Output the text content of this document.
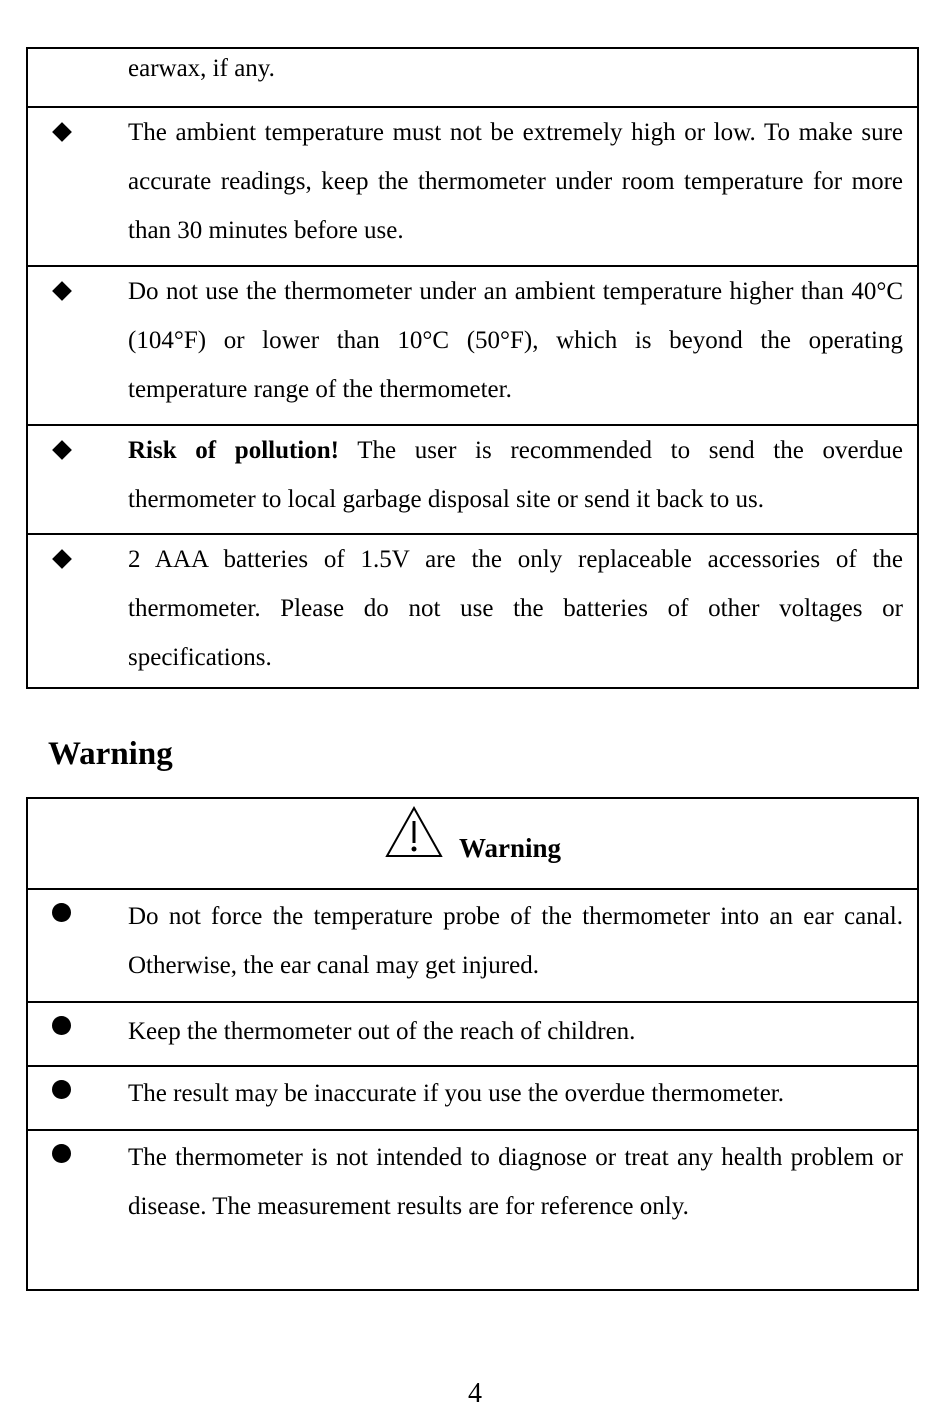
earwax, if any.
The ambient temperature must not be extremely high or low. To make sure accurate readings, keep the thermometer under room temperature for more than 30 minutes before use.
Do not use the thermometer under an ambient temperature higher than 40°C (104°F) or lower than 10°C (50°F), which is beyond the operating temperature range of the thermometer.
Risk of pollution! The user is recommended to send the overdue thermometer to local garbage disposal site or send it back to us.
2 AAA batteries of 1.5V are the only replaceable accessories of the thermometer. Please do not use the batteries of other voltages or specifications.
Warning
Warning
Do not force the temperature probe of the thermometer into an ear canal. Otherwise, the ear canal may get injured.
Keep the thermometer out of the reach of children.
The result may be inaccurate if you use the overdue thermometer.
The thermometer is not intended to diagnose or treat any health problem or disease. The measurement results are for reference only.
4
